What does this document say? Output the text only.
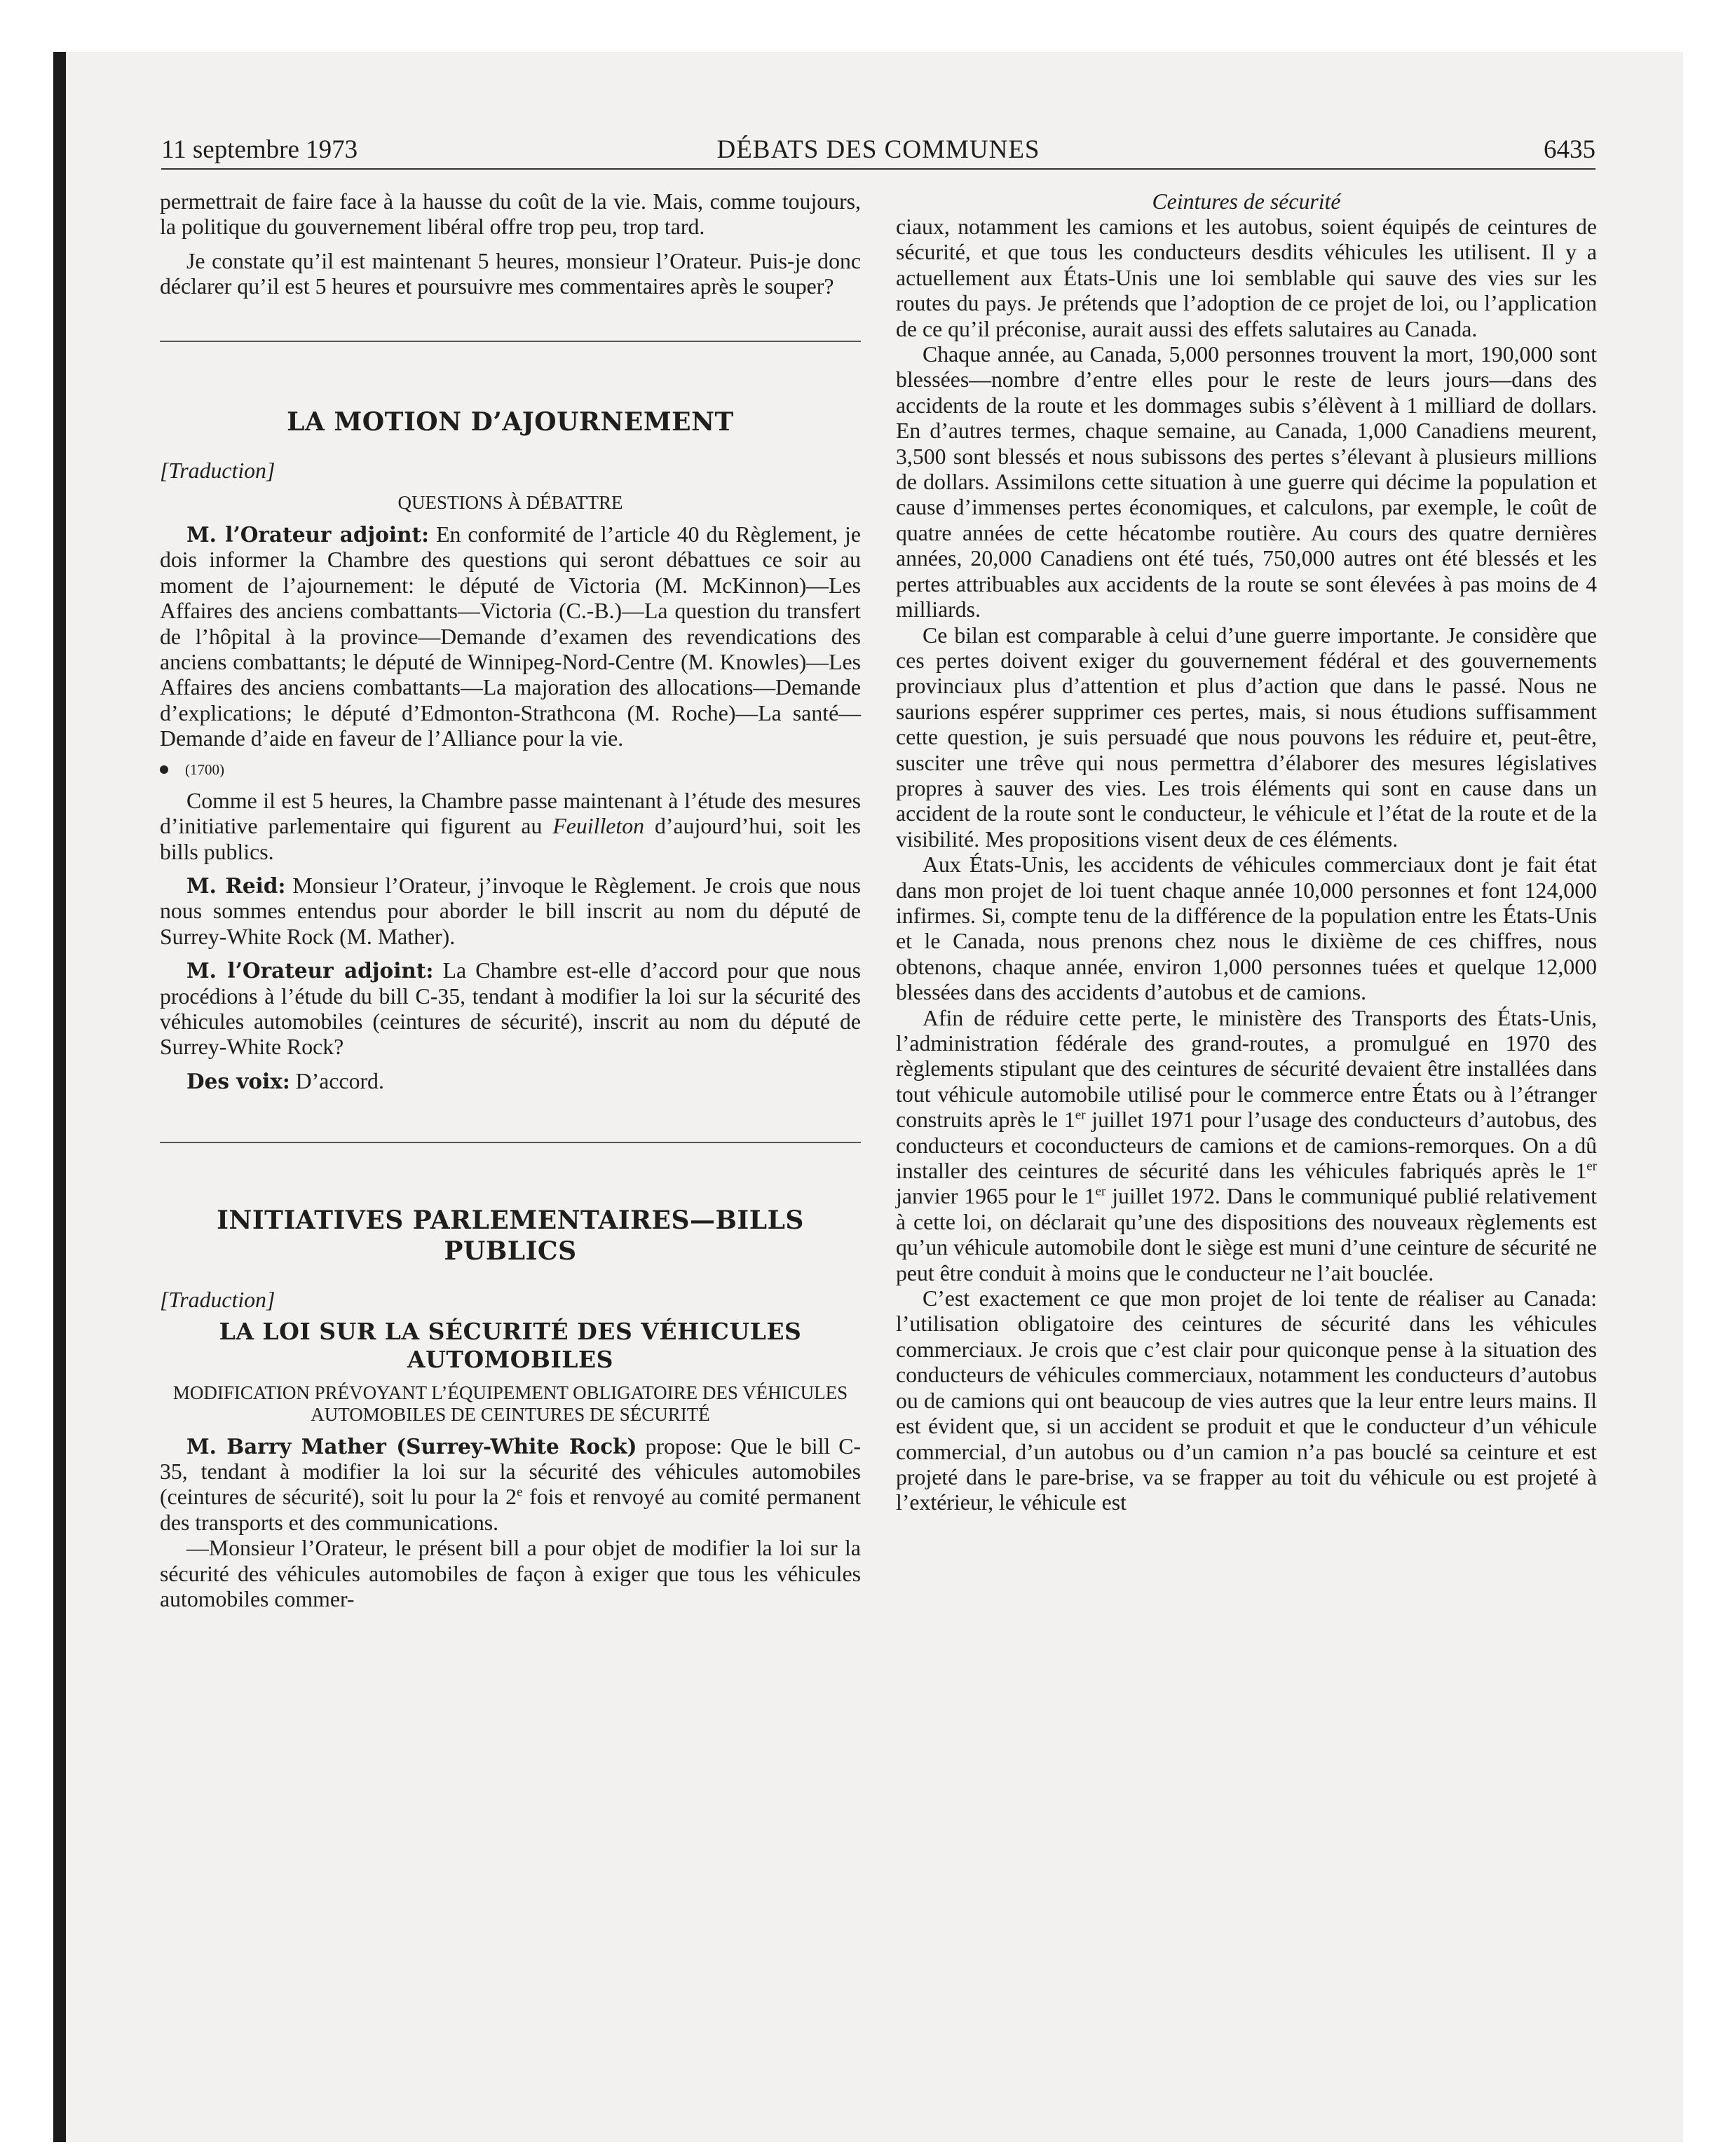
11 septembre 1973	DÉBATS DES COMMUNES	6435

permettrait de faire face à la hausse du coût de la vie. Mais, comme toujours, la politique du gouvernement libéral offre trop peu, trop tard.

Je constate qu’il est maintenant 5 heures, monsieur l’Orateur. Puis-je donc déclarer qu’il est 5 heures et poursuivre mes commentaires après le souper?

LA MOTION D’AJOURNEMENT
[Traduction]
QUESTIONS À DÉBATTRE

M. l’Orateur adjoint: En conformité de l’article 40 du Règlement, je dois informer la Chambre des questions qui seront débattues ce soir au moment de l’ajournement: le député de Victoria (M. McKinnon)—Les Affaires des anciens combattants—Victoria (C.-B.)—La question du transfert de l’hôpital à la province—Demande d’examen des revendications des anciens combattants; le député de Winnipeg-Nord-Centre (M. Knowles)—Les Affaires des anciens combattants—La majoration des allocations—Demande d’explications; le député d’Edmonton-Strathcona (M. Roche)—La santé—Demande d’aide en faveur de l’Alliance pour la vie.

(1700)

Comme il est 5 heures, la Chambre passe maintenant à l’étude des mesures d’initiative parlementaire qui figurent au Feuilleton d’aujourd’hui, soit les bills publics.

M. Reid: Monsieur l’Orateur, j’invoque le Règlement. Je crois que nous nous sommes entendus pour aborder le bill inscrit au nom du député de Surrey-White Rock (M. Mather).

M. l’Orateur adjoint: La Chambre est-elle d’accord pour que nous procédions à l’étude du bill C-35, tendant à modifier la loi sur la sécurité des véhicules automobiles (ceintures de sécurité), inscrit au nom du député de Surrey-White Rock?

Des voix: D’accord.

INITIATIVES PARLEMENTAIRES—BILLS PUBLICS
[Traduction]
LA LOI SUR LA SÉCURITÉ DES VÉHICULES AUTOMOBILES
MODIFICATION PRÉVOYANT L’ÉQUIPEMENT OBLIGATOIRE DES VÉHICULES AUTOMOBILES DE CEINTURES DE SÉCURITÉ

M. Barry Mather (Surrey-White Rock) propose: Que le bill C-35, tendant à modifier la loi sur la sécurité des véhicules automobiles (ceintures de sécurité), soit lu pour la 2e fois et renvoyé au comité permanent des transports et des communications.

—Monsieur l’Orateur, le présent bill a pour objet de modifier la loi sur la sécurité des véhicules automobiles de façon à exiger que tous les véhicules automobiles commer-

Ceintures de sécurité

ciaux, notamment les camions et les autobus, soient équipés de ceintures de sécurité, et que tous les conducteurs desdits véhicules les utilisent. Il y a actuellement aux États-Unis une loi semblable qui sauve des vies sur les routes du pays. Je prétends que l’adoption de ce projet de loi, ou l’application de ce qu’il préconise, aurait aussi des effets salutaires au Canada.

Chaque année, au Canada, 5,000 personnes trouvent la mort, 190,000 sont blessées—nombre d’entre elles pour le reste de leurs jours—dans des accidents de la route et les dommages subis s’élèvent à 1 milliard de dollars. En d’autres termes, chaque semaine, au Canada, 1,000 Canadiens meurent, 3,500 sont blessés et nous subissons des pertes s’élevant à plusieurs millions de dollars. Assimilons cette situation à une guerre qui décime la population et cause d’immenses pertes économiques, et calculons, par exemple, le coût de quatre années de cette hécatombe routière. Au cours des quatre dernières années, 20,000 Canadiens ont été tués, 750,000 autres ont été blessés et les pertes attribuables aux accidents de la route se sont élevées à pas moins de 4 milliards.

Ce bilan est comparable à celui d’une guerre importante. Je considère que ces pertes doivent exiger du gouvernement fédéral et des gouvernements provinciaux plus d’attention et plus d’action que dans le passé. Nous ne saurions espérer supprimer ces pertes, mais, si nous étudions suffisamment cette question, je suis persuadé que nous pouvons les réduire et, peut-être, susciter une trêve qui nous permettra d’élaborer des mesures législatives propres à sauver des vies. Les trois éléments qui sont en cause dans un accident de la route sont le conducteur, le véhicule et l’état de la route et de la visibilité. Mes propositions visent deux de ces éléments.

Aux États-Unis, les accidents de véhicules commerciaux dont je fait état dans mon projet de loi tuent chaque année 10,000 personnes et font 124,000 infirmes. Si, compte tenu de la différence de la population entre les États-Unis et le Canada, nous prenons chez nous le dixième de ces chiffres, nous obtenons, chaque année, environ 1,000 personnes tuées et quelque 12,000 blessées dans des accidents d’autobus et de camions.

Afin de réduire cette perte, le ministère des Transports des États-Unis, l’administration fédérale des grand-routes, a promulgué en 1970 des règlements stipulant que des ceintures de sécurité devaient être installées dans tout véhicule automobile utilisé pour le commerce entre États ou à l’étranger construits après le 1er juillet 1971 pour l’usage des conducteurs d’autobus, des conducteurs et coconducteurs de camions et de camions-remorques. On a dû installer des ceintures de sécurité dans les véhicules fabriqués après le 1er janvier 1965 pour le 1er juillet 1972. Dans le communiqué publié relativement à cette loi, on déclarait qu’une des dispositions des nouveaux règlements est qu’un véhicule automobile dont le siège est muni d’une ceinture de sécurité ne peut être conduit à moins que le conducteur ne l’ait bouclée.

C’est exactement ce que mon projet de loi tente de réaliser au Canada: l’utilisation obligatoire des ceintures de sécurité dans les véhicules commerciaux. Je crois que c’est clair pour quiconque pense à la situation des conducteurs de véhicules commerciaux, notamment les conducteurs d’autobus ou de camions qui ont beaucoup de vies autres que la leur entre leurs mains. Il est évident que, si un accident se produit et que le conducteur d’un véhicule commercial, d’un autobus ou d’un camion n’a pas bouclé sa ceinture et est projeté dans le pare-brise, va se frapper au toit du véhicule ou est projeté à l’extérieur, le véhicule est
